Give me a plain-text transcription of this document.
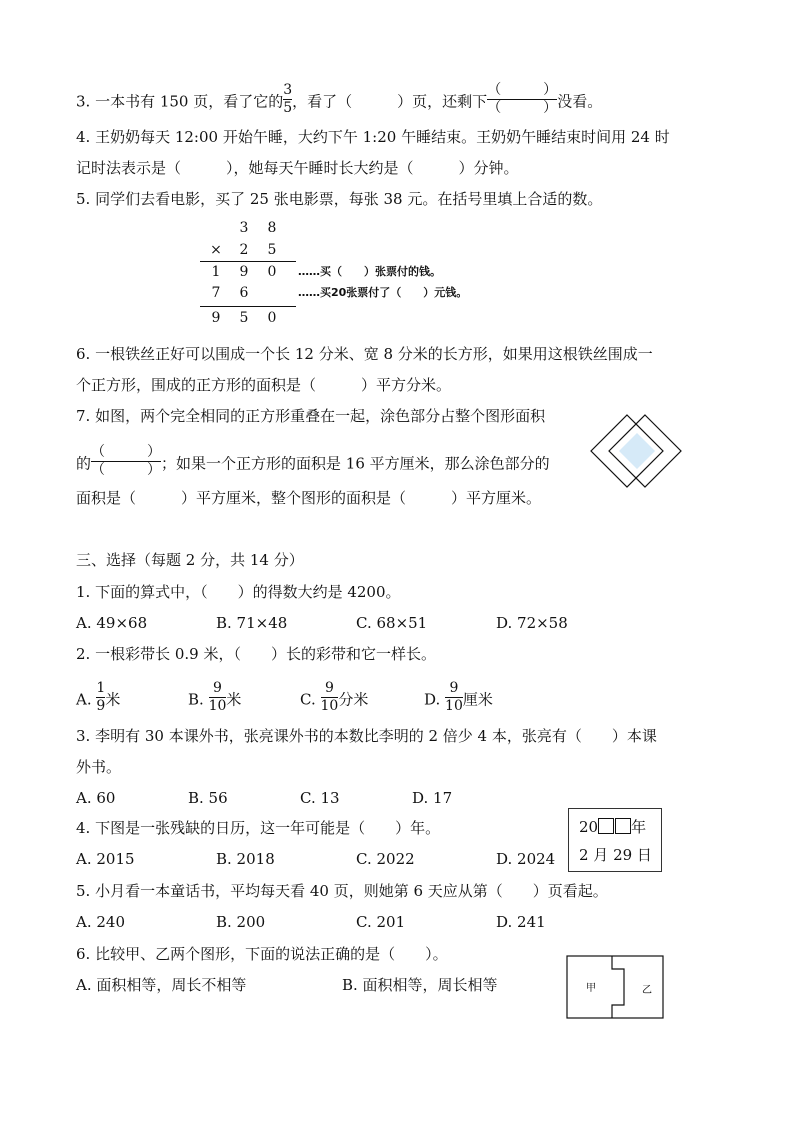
3. 一本书有 150 页，看了它的 $\frac{3}{5}$ ，看了（　　　）页，还剩下 $\frac{( )}{( )}$ 没看。
4. 王奶奶每天 12:00 开始午睡，大约下午 1:20 午睡结束。王奶奶午睡结束时间用 24 时
记时法表示是（　　　），她每天午睡时长大约是（　　　）分钟。
5. 同学们去看电影，买了 25 张电影票，每张 38 元。在括号里填上合适的数。
3	8
×	2	5
1	9	0	……买（　　）张票付的钱。
7	6	……买20张票付了（　　）元钱。
9	5	0
6. 一根铁丝正好可以围成一个长 12 分米、宽 8 分米的长方形，如果用这根铁丝围成一
个正方形，围成的正方形的面积是（　　　）平方分米。
7. 如图，两个完全相同的正方形重叠在一起，涂色部分占整个图形面积
的 $\frac{( )}{( )}$ ；如果一个正方形的面积是 16 平方厘米，那么涂色部分的
面积是（　　　）平方厘米，整个图形的面积是（　　　）平方厘米。
三、选择（每题 2 分，共 14 分）
1. 下面的算式中，（　　）的得数大约是 4200。
A. 49×68	B. 71×48	C. 68×51	D. 72×58
2. 一根彩带长 0.9 米，（　　）长的彩带和它一样长。
A. $\frac{1}{9}$ 米	B. $\frac{9}{10}$ 米	C. $\frac{9}{10}$ 分米	D. $\frac{9}{10}$ 厘米
3. 李明有 30 本课外书，张亮课外书的本数比李明的 2 倍少 4 本，张亮有（　　）本课
外书。
A. 60	B. 56	C. 13	D. 17
4. 下图是一张残缺的日历，这一年可能是（　　）年。
A. 2015	B. 2018	C. 2022	D. 2024
20 年
2 月 29 日
5. 小月看一本童话书，平均每天看 40 页，则她第 6 天应从第（　　）页看起。
A. 240	B. 200	C. 201	D. 241
6. 比较甲、乙两个图形，下面的说法正确的是（　　）。
A. 面积相等，周长不相等	B. 面积相等，周长相等	甲	乙
